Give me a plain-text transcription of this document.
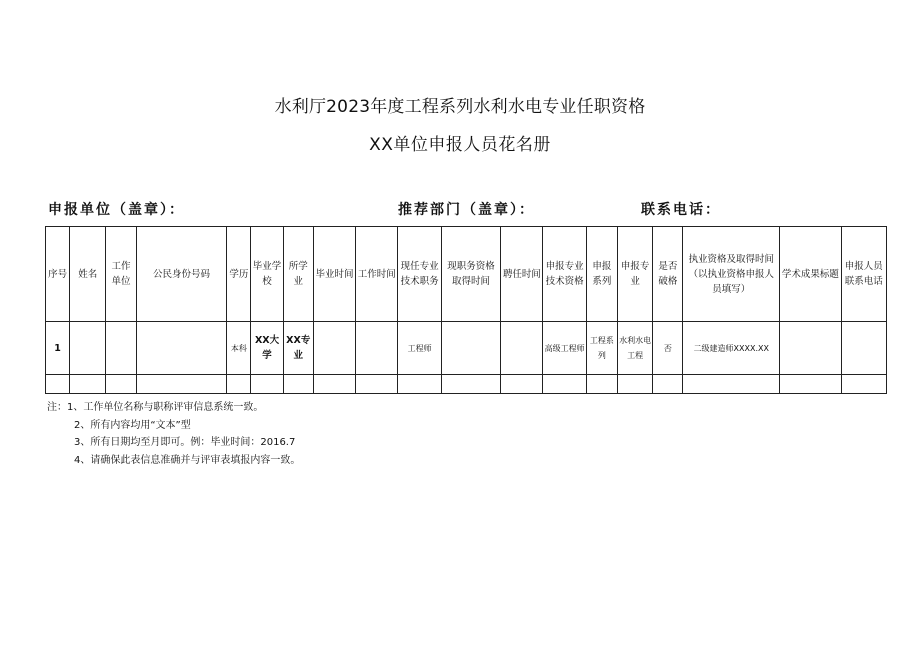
水利厅2023年度工程系列水利水电专业任职资格
XX单位申报人员花名册
申报单位（盖章）：	推荐部门（盖章）：	联系电话：
序号	姓名	工作单位	公民身份号码	学历	毕业学校	所学业	毕业时间	工作时间	现任专业技术职务	现职务资格取得时间	聘任时间	申报专业技术资格	申报系列	申报专业	是否破格	执业资格及取得时间（以执业资格申报人员填写）	学术成果标题	申报人员联系电话
1				本科	XX大学	XX专业			工程师			高级工程师	工程系列	水利水电工程	否	二级建造师XXXX.XX		

注：1、工作单位名称与职称评审信息系统一致。
2、所有内容均用“文本”型
3、所有日期均至月即可。例：毕业时间：2016.7
4、请确保此表信息准确并与评审表填报内容一致。
